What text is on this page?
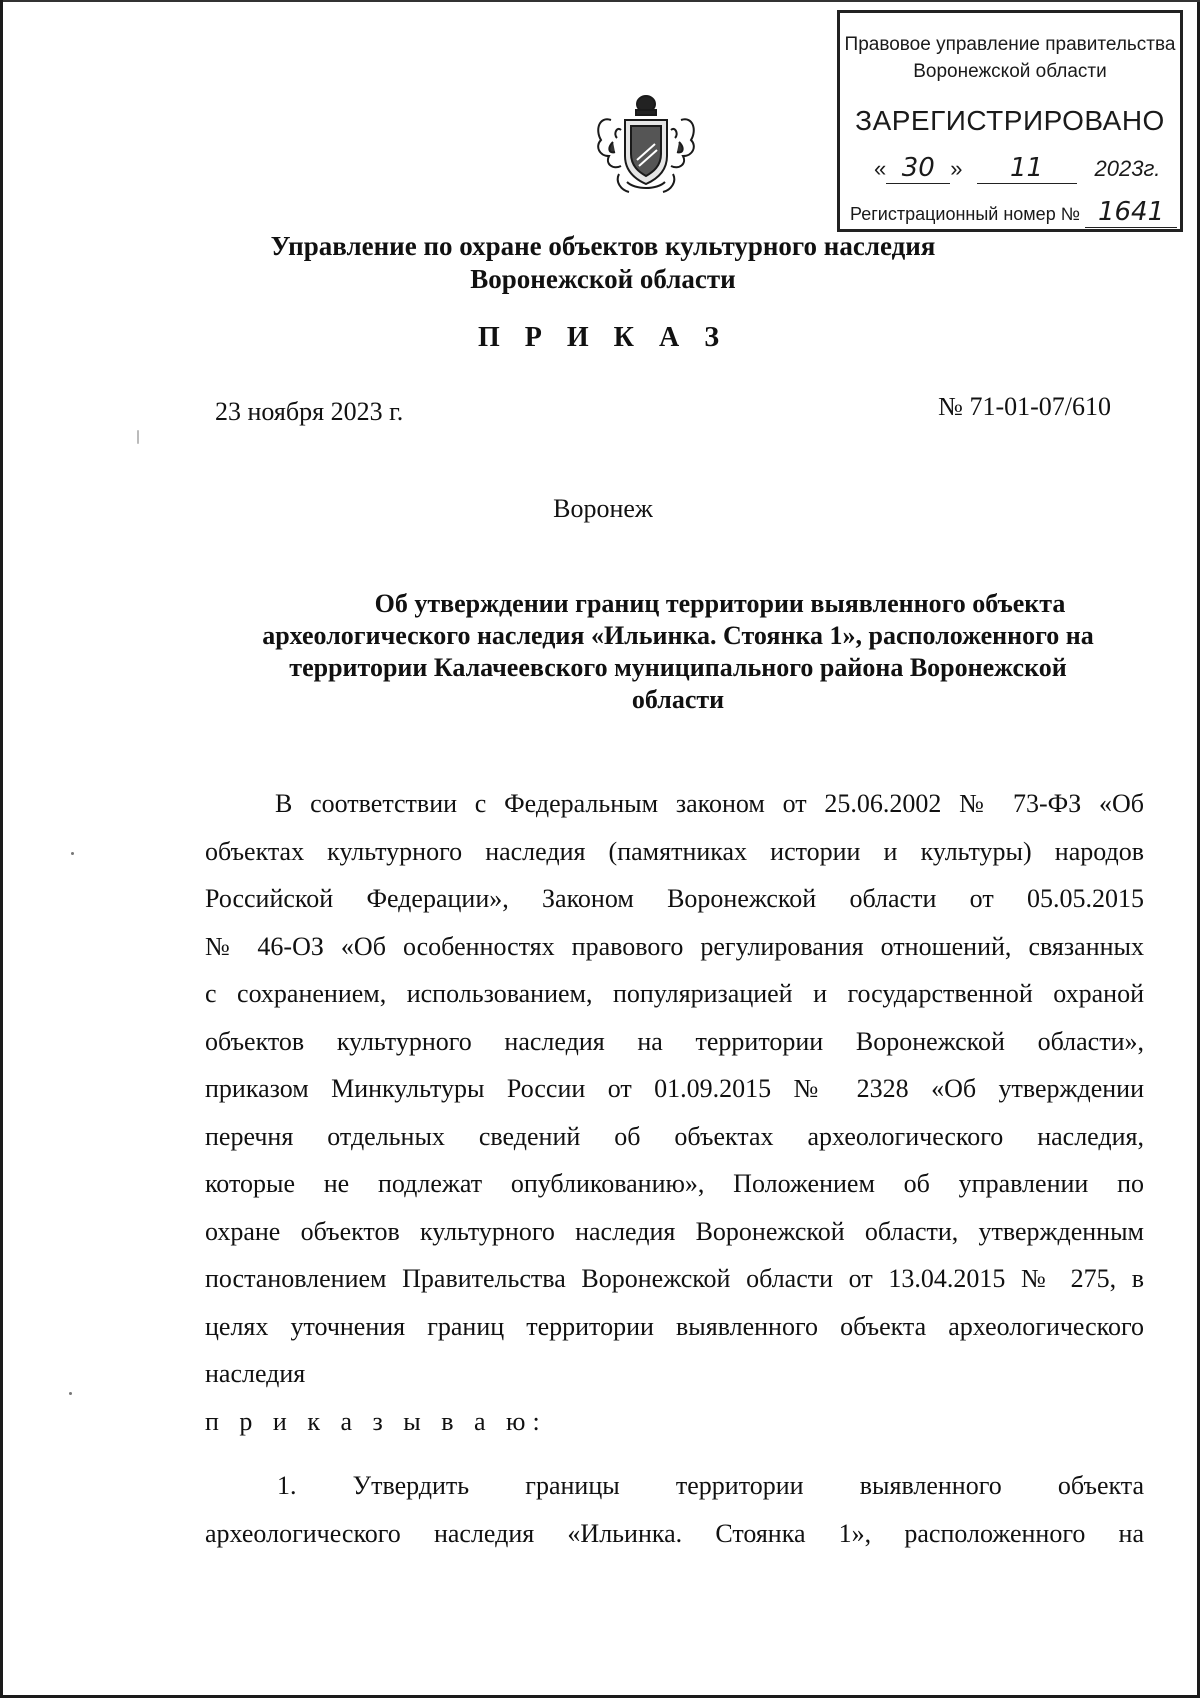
Правовое управление правительства
Воронежской области
ЗАРЕГИСТРИРОВАНО
« 30 » 11 2023г.
Регистрационный номер № 1641
Управление по охране объектов культурного наследия
Воронежской области
П Р И К А З
23 ноября 2023 г.	№ 71-01-07/610
Воронеж
Об утверждении границ территории выявленного объекта
археологического наследия «Ильинка. Стоянка 1», расположенного на
территории Калачеевского муниципального района Воронежской
области
В соответствии с Федеральным законом от 25.06.2002 № 73-ФЗ «Об
объектах культурного наследия (памятниках истории и культуры) народов
Российской Федерации», Законом Воронежской области от 05.05.2015
№ 46-ОЗ «Об особенностях правового регулирования отношений, связанных
с сохранением, использованием, популяризацией и государственной охраной
объектов культурного наследия на территории Воронежской области»,
приказом Минкультуры России от 01.09.2015 № 2328 «Об утверждении
перечня отдельных сведений об объектах археологического наследия,
которые не подлежат опубликованию», Положением об управлении по
охране объектов культурного наследия Воронежской области, утвержденным
постановлением Правительства Воронежской области от 13.04.2015 № 275, в
целях уточнения границ территории выявленного объекта археологического
наследия
п р и к а з ы в а ю:
1. Утвердить границы территории выявленного объекта
археологического наследия «Ильинка. Стоянка 1», расположенного на
